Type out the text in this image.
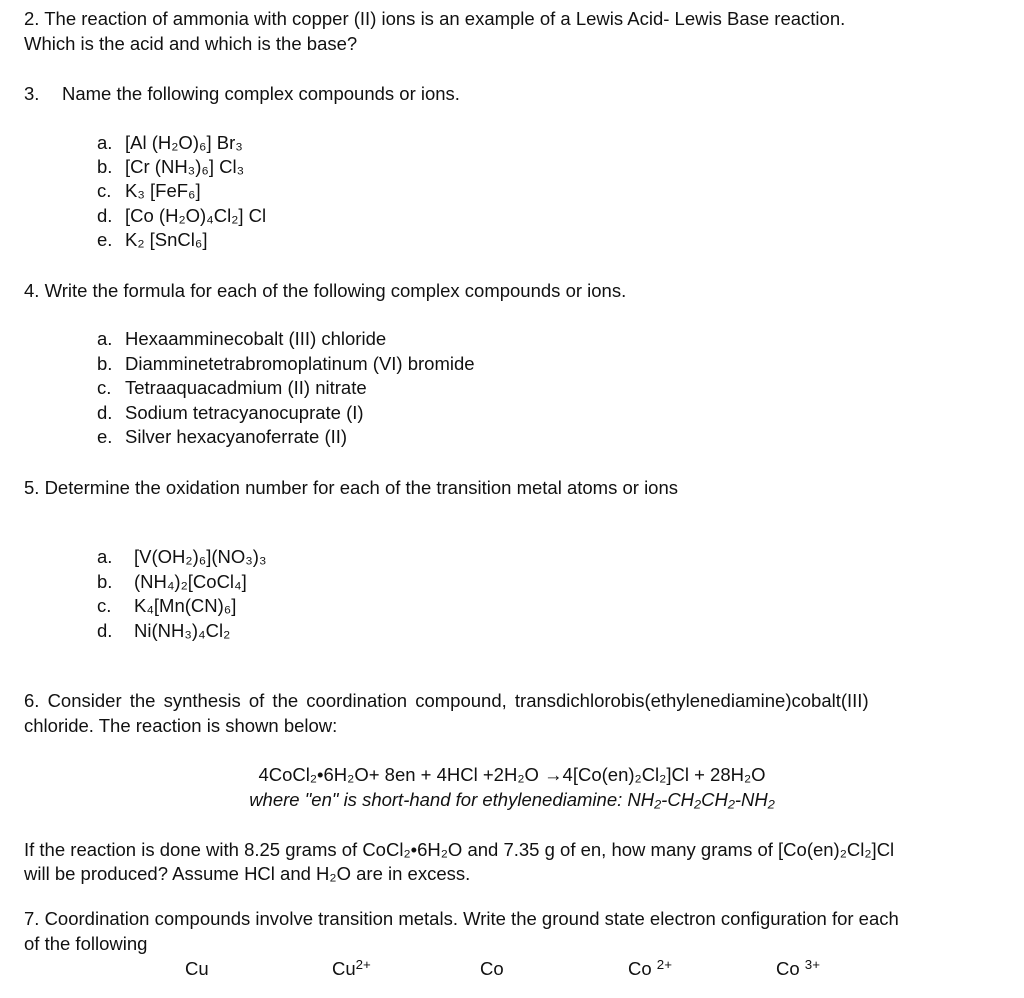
2. The reaction of ammonia with copper (II) ions is an example of a Lewis Acid- Lewis Base reaction.
Which is the acid and which is the base?
3. Name the following complex compounds or ions.
a. [Al (H₂O)₆] Br₃
b. [Cr (NH₃)₆] Cl₃
c. K₃ [FeF₆]
d. [Co (H₂O)₄Cl₂] Cl
e. K₂ [SnCl₆]
4. Write the formula for each of the following complex compounds or ions.
a. Hexaamminecobalt (III) chloride
b. Diamminetetrabromoplatinum (VI) bromide
c. Tetraaquacadmium (II) nitrate
d. Sodium tetracyanocuprate (I)
e. Silver hexacyanoferrate (II)
5. Determine the oxidation number for each of the transition metal atoms or ions
a. [V(OH₂)₆](NO₃)₃
b. (NH₄)₂[CoCl₄]
c. K₄[Mn(CN)₆]
d. Ni(NH₃)₄Cl₂
6. Consider the synthesis of the coordination compound, transdichlorobis(ethylenediamine)cobalt(III)
chloride. The reaction is shown below:
4CoCl₂•6H₂O+ 8en + 4HCl +2H₂O →4[Co(en)₂Cl₂]Cl + 28H₂O
where "en" is short-hand for ethylenediamine: NH₂-CH₂CH₂-NH₂
If the reaction is done with 8.25 grams of CoCl₂•6H₂O and 7.35 g of en, how many grams of [Co(en)₂Cl₂]Cl
will be produced? Assume HCl and H₂O are in excess.
7. Coordination compounds involve transition metals. Write the ground state electron configuration for each
of the following
Cu	$Cu^{2+}$	Co	Co $^{2+}$	Co $^{3+}$
